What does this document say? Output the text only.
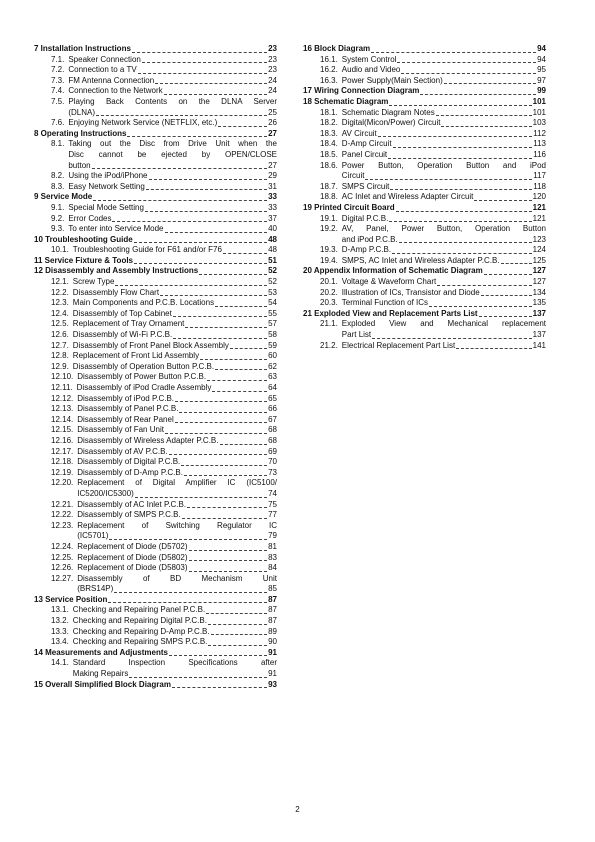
7 Installation Instructions	23
7.1. Speaker Connection	23
7.2. Connection to a TV	23
7.3. FM Antenna Connection	24
7.4. Connection to the Network	24
7.5. Playing Back Contents on the DLNA Server
(DLNA)	25
7.6. Enjoying Network Service (NETFLIX, etc.)	26
8 Operating Instructions	27
8.1. Taking out the Disc from Drive Unit when the
Disc cannot be ejected by OPEN/CLOSE
button	27
8.2. Using the iPod/iPhone	29
8.3. Easy Network Setting	31
9 Service Mode	33
9.1. Special Mode Setting	33
9.2. Error Codes	37
9.3. To enter into Service Mode	40
10 Troubleshooting Guide	48
10.1. Troubleshooting Guide for F61 and/or F76	48
11 Service Fixture & Tools	51
12 Disassembly and Assembly Instructions	52
12.1. Screw Type	52
12.2. Disassembly Flow Chart	53
12.3. Main Components and P.C.B. Locations	54
12.4. Disassembly of Top Cabinet	55
12.5. Replacement of Tray Ornament	57
12.6. Disassembly of Wi-Fi P.C.B.	58
12.7. Disassembly of Front Panel Block Assembly	59
12.8. Replacement of Front Lid Assembly	60
12.9. Disassembly of Operation Button P.C.B.	62
12.10. Disassembly of Power Button P.C.B.	63
12.11. Disassembly of iPod Cradle Assembly	64
12.12. Disassembly of iPod P.C.B.	65
12.13. Disassembly of Panel P.C.B.	66
12.14. Disassembly of Rear Panel	67
12.15. Disassembly of Fan Unit	68
12.16. Disassembly of Wireless Adapter P.C.B.	68
12.17. Disassembly of AV P.C.B.	69
12.18. Disassembly of Digital P.C.B.	70
12.19. Disassembly of D-Amp P.C.B.	73
12.20. Replacement of Digital Amplifier IC (IC5100/
IC5200/IC5300)	74
12.21. Disassembly of AC Inlet P.C.B.	75
12.22. Disassembly of SMPS P.C.B.	77
12.23. Replacement of Switching Regulator IC
(IC5701)	79
12.24. Replacement of Diode (D5702)	81
12.25. Replacement of Diode (D5802)	83
12.26. Replacement of Diode (D5803)	84
12.27. Disassembly of BD Mechanism Unit
(BRS14P)	85
13 Service Position	87
13.1. Checking and Repairing Panel P.C.B.	87
13.2. Checking and Repairing Digital P.C.B.	87
13.3. Checking and Repairing D-Amp P.C.B.	89
13.4. Checking and Repairing SMPS P.C.B.	90
14 Measurements and Adjustments	91
14.1. Standard Inspection Specifications after
Making Repairs	91
15 Overall Simplified Block Diagram	93
16 Block Diagram	94
16.1. System Control	94
16.2. Audio and Video	95
16.3. Power Supply(Main Section)	97
17 Wiring Connection Diagram	99
18 Schematic Diagram	101
18.1. Schematic Diagram Notes	101
18.2. Digital(Micon/Power) Circuit	103
18.3. AV Circuit	112
18.4. D-Amp Circuit	113
18.5. Panel Circuit	116
18.6. Power Button, Operation Button and iPod
Circuit	117
18.7. SMPS Circuit	118
18.8. AC Inlet and Wireless Adapter Circuit	120
19 Printed Circuit Board	121
19.1. Digital P.C.B.	121
19.2. AV, Panel, Power Button, Operation Button
and iPod P.C.B.	123
19.3. D-Amp P.C.B.	124
19.4. SMPS, AC Inlet and Wireless Adapter P.C.B.	125
20 Appendix Information of Schematic Diagram	127
20.1. Voltage & Waveform Chart	127
20.2. Illustration of ICs, Transistor and Diode	134
20.3. Terminal Function of ICs	135
21 Exploded View and Replacement Parts List	137
21.1. Exploded View and Mechanical replacement
Part List	137
21.2. Electrical Replacement Part List	141
2
